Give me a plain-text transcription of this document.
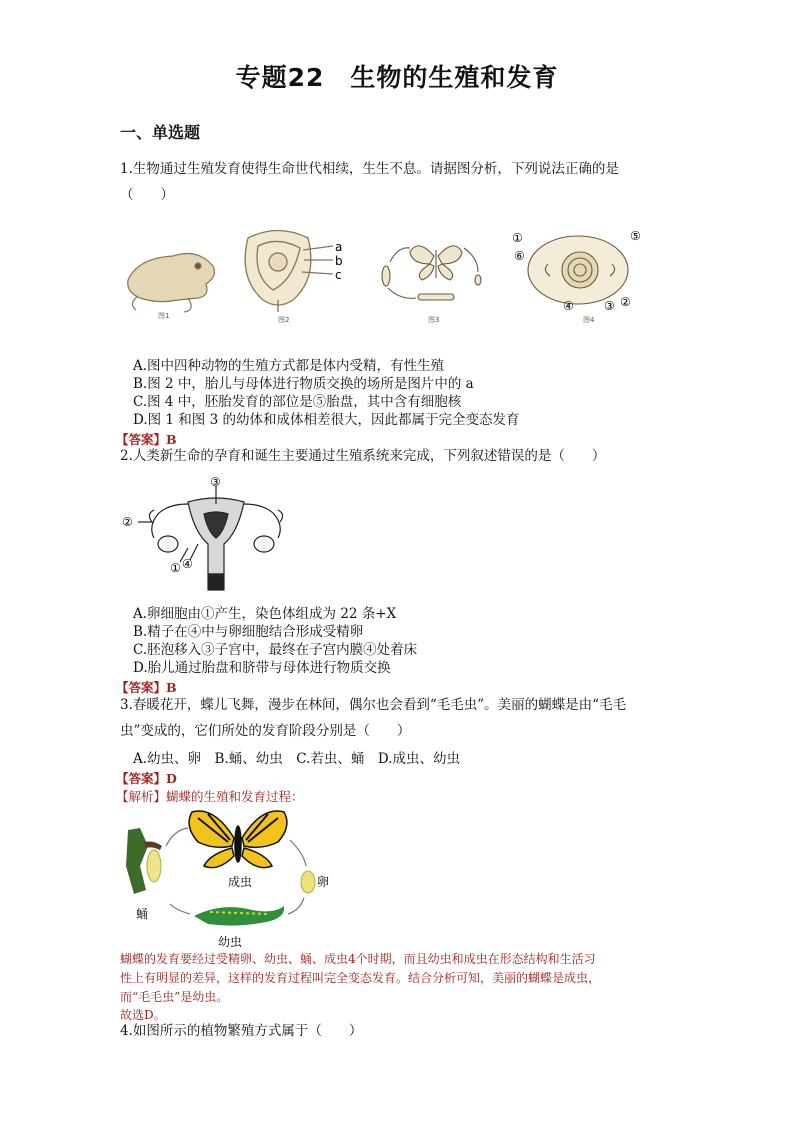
专题22　生物的生殖和发育
一、单选题
1.生物通过生殖发育使得生命世代相续，生生不息。请据图分析，下列说法正确的是
（　　）
图1
a
b
c
图2	图3
①	⑤
⑥
④	③ ②
图4
A.图中四种动物的生殖方式都是体内受精，有性生殖
B.图 2 中，胎儿与母体进行物质交换的场所是图片中的 a
C.图 4 中，胚胎发育的部位是⑤胎盘，其中含有细胞核
D.图 1 和图 3 的幼体和成体相差很大，因此都属于完全变态发育
【答案】B
2.人类新生命的孕育和诞生主要通过生殖系统来完成，下列叙述错误的是（　　）
③
②
① ④
A.卵细胞由①产生，染色体组成为 22 条+X
B.精子在④中与卵细胞结合形成受精卵
C.胚泡移入③子宫中，最终在子宫内膜④处着床
D.胎儿通过胎盘和脐带与母体进行物质交换
【答案】B
3.春暖花开，蝶儿飞舞，漫步在林间，偶尔也会看到“毛毛虫”。美丽的蝴蝶是由“毛毛
虫”变成的，它们所处的发育阶段分别是（　　）
A.幼虫、卵　B.蛹、幼虫　C.若虫、蛹　D.成虫、幼虫
【答案】D
【解析】蝴蝶的生殖和发育过程：
成虫	卵
蛹
幼虫
蝴蝶的发育要经过受精卵、幼虫、蛹、成虫4个时期，而且幼虫和成虫在形态结构和生活习
性上有明显的差异，这样的发育过程叫完全变态发育。结合分析可知，美丽的蝴蝶是成虫，
而“毛毛虫”是幼虫。
故选D。
4.如图所示的植物繁殖方式属于（　　）
